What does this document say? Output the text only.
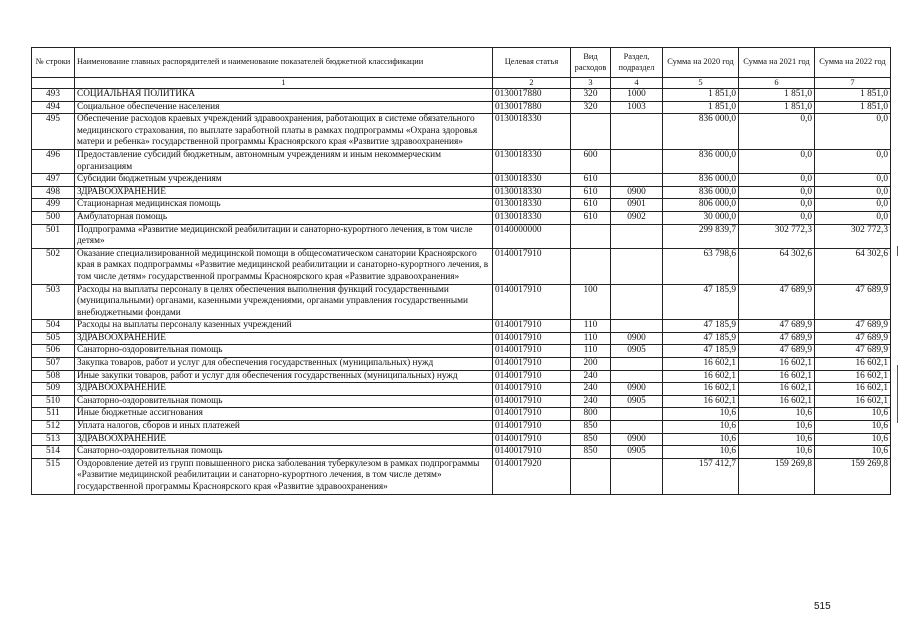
№ строки	Наименование главных распорядителей и наименование показателей бюджетной классификации	Целевая статья	Вид расходов	Раздел, подраздел	Сумма на 2020 год	Сумма на 2021 год	Сумма на 2022 год
	1	2	3	4	5	6	7
493	СОЦИАЛЬНАЯ ПОЛИТИКА	0130017880	320	1000	1 851,0	1 851,0	1 851,0
494	Социальное обеспечение населения	0130017880	320	1003	1 851,0	1 851,0	1 851,0
495	Обеспечение расходов краевых учреждений здравоохранения, работающих в системе обязательного медицинского страхования, по выплате заработной платы в рамках подпрограммы «Охрана здоровья матери и ребенка» государственной программы Красноярского края «Развитие здравоохранения»	0130018330			836 000,0	0,0	0,0
496	Предоставление субсидий бюджетным, автономным учреждениям и иным некоммерческим организациям	0130018330	600		836 000,0	0,0	0,0
497	Субсидии бюджетным учреждениям	0130018330	610		836 000,0	0,0	0,0
498	ЗДРАВООХРАНЕНИЕ	0130018330	610	0900	836 000,0	0,0	0,0
499	Стационарная медицинская помощь	0130018330	610	0901	806 000,0	0,0	0,0
500	Амбулаторная помощь	0130018330	610	0902	30 000,0	0,0	0,0
501	Подпрограмма «Развитие медицинской реабилитации и санаторно-курортного лечения, в том числе детям»	0140000000			299 839,7	302 772,3	302 772,3
502	Оказание специализированной медицинской помощи в общесоматическом санатории Красноярского края в рамках подпрограммы «Развитие медицинской реабилитации и санаторно-курортного лечения, в том числе детям» государственной программы Красноярского края «Развитие здравоохранения»	0140017910			63 798,6	64 302,6	64 302,6
503	Расходы на выплаты персоналу в целях обеспечения выполнения функций государственными (муниципальными) органами, казенными учреждениями, органами управления государственными внебюджетными фондами	0140017910	100		47 185,9	47 689,9	47 689,9
504	Расходы на выплаты персоналу казенных учреждений	0140017910	110		47 185,9	47 689,9	47 689,9
505	ЗДРАВООХРАНЕНИЕ	0140017910	110	0900	47 185,9	47 689,9	47 689,9
506	Санаторно-оздоровительная помощь	0140017910	110	0905	47 185,9	47 689,9	47 689,9
507	Закупка товаров, работ и услуг для обеспечения государственных (муниципальных) нужд	0140017910	200		16 602,1	16 602,1	16 602,1
508	Иные закупки товаров, работ и услуг для обеспечения государственных (муниципальных) нужд	0140017910	240		16 602,1	16 602,1	16 602,1
509	ЗДРАВООХРАНЕНИЕ	0140017910	240	0900	16 602,1	16 602,1	16 602,1
510	Санаторно-оздоровительная помощь	0140017910	240	0905	16 602,1	16 602,1	16 602,1
511	Иные бюджетные ассигнования	0140017910	800		10,6	10,6	10,6
512	Уплата налогов, сборов и иных платежей	0140017910	850		10,6	10,6	10,6
513	ЗДРАВООХРАНЕНИЕ	0140017910	850	0900	10,6	10,6	10,6
514	Санаторно-оздоровительная помощь	0140017910	850	0905	10,6	10,6	10,6
515	Оздоровление детей из групп повышенного риска заболевания туберкулезом в рамках подпрограммы «Развитие медицинской реабилитации и санаторно-курортного лечения, в том числе детям» государственной программы Красноярского края «Развитие здравоохранения»	0140017920			157 412,7	159 269,8	159 269,8
515
